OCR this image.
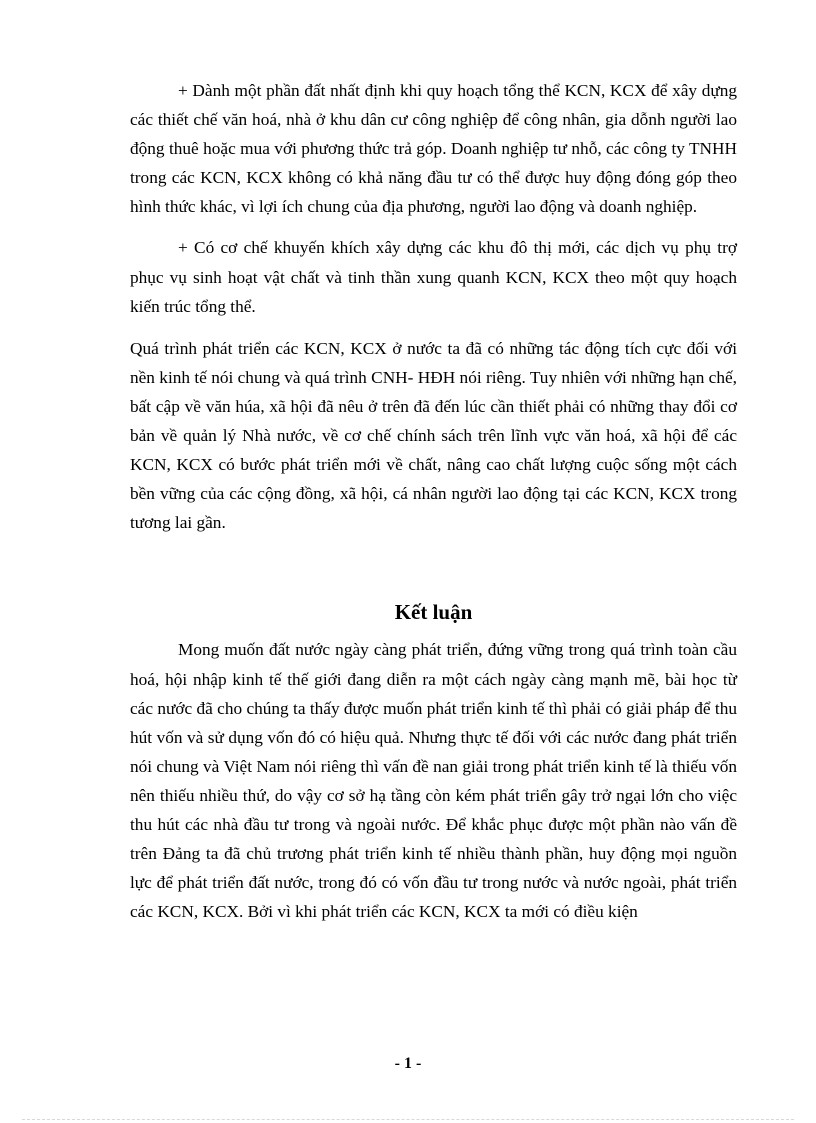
+ Dành một phần đất nhất định khi quy hoạch tổng thể KCN, KCX để xây dựng các thiết chế văn hoá, nhà ở khu dân cư công nghiệp để công nhân, gia dỗnh người lao động thuê hoặc mua với phương thức trả góp. Doanh nghiệp tư nhỗ, các công ty TNHH trong các KCN, KCX không có khả năng đầu tư có thể được huy động đóng góp theo hình thức khác, vì lợi ích chung của địa phương, người lao động và doanh nghiệp.

+ Có cơ chế khuyến khích xây dựng các khu đô thị mới, các dịch vụ phụ trợ phục vụ sinh hoạt vật chất và tinh thần xung quanh KCN, KCX theo một quy hoạch kiến trúc tổng thể.

Quá trình phát triển các KCN, KCX ở nước ta đã có những tác động tích cực đối với nền kinh tế nói chung và quá trình CNH- HĐH nói riêng. Tuy nhiên với những hạn chế, bất cập về văn húa, xã hội đã nêu ở trên đã đến lúc cần thiết phải có những thay đổi cơ bản về quản lý Nhà nước, về cơ chế chính sách trên lĩnh vực văn hoá, xã hội để các KCN, KCX có bước phát triển mới về chất, nâng cao chất lượng cuộc sống một cách bền vững của các cộng đồng, xã hội, cá nhân người lao động tại các KCN, KCX trong tương lai gần.

Kết luận

Mong muốn đất nước ngày càng phát triển, đứng vững trong quá trình toàn cầu hoá, hội nhập kinh tế thế giới đang diễn ra một cách ngày càng mạnh mẽ, bài học từ các nước đã cho chúng ta thấy được muốn phát triển kinh tế thì phải có giải pháp để thu hút vốn và sử dụng vốn đó có hiệu quả. Nhưng thực tế đối với các nước đang phát triển nói chung và Việt Nam nói riêng thì vấn đề nan giải trong phát triển kinh tế là thiếu vốn nên thiếu nhiều thứ, do vậy cơ sở hạ tầng còn kém phát triển gây trở ngại lớn cho việc thu hút các nhà đầu tư trong và ngoài nước. Để khắc phục được một phần nào vấn đề trên Đảng ta đã chủ trương phát triển kinh tế nhiều thành phần, huy động mọi nguồn lực để phát triển đất nước, trong đó có vốn đầu tư trong nước và nước ngoài, phát triển các KCN, KCX. Bởi vì khi phát triển các KCN, KCX ta mới có điều kiện

- 1 -
